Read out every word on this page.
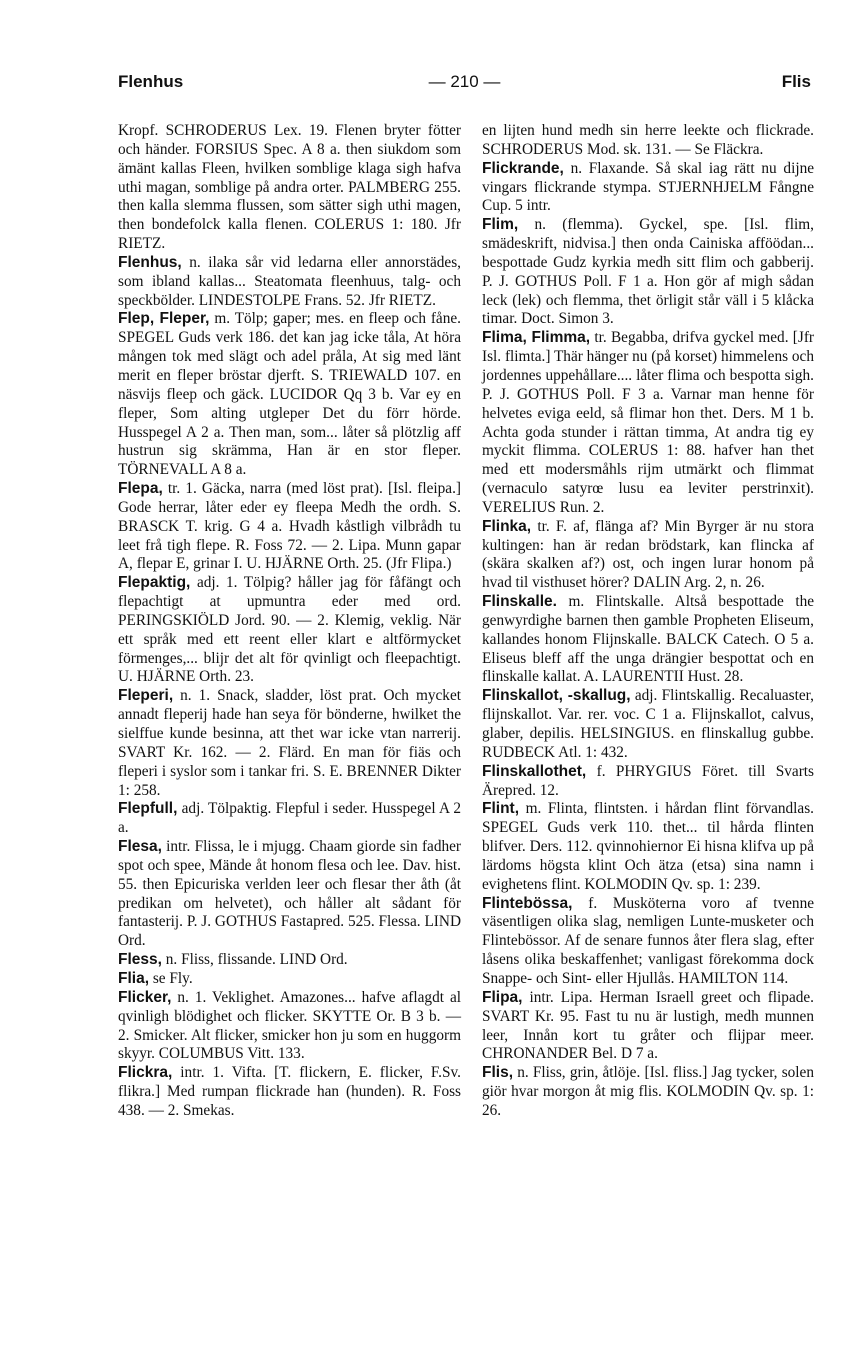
Flenhus	— 210 —	Flis

Kropf. SCHRODERUS Lex. 19. Flenen bryter fötter och händer. FORSIUS Spec. A 8 a. then siukdom som ämänt kallas Fleen, hvilken somblige klaga sigh hafva uthi magan, somblige på andra orter. PALMBERG 255. then kalla slemma flussen, som sätter sigh uthi magen, then bondefolck kalla flenen. COLERUS 1: 180. Jfr RIETZ.

Flenhus, n. ilaka sår vid ledarna eller annorstädes, som ibland kallas... Steatomata fleenhuus, talg- och speckbölder. LINDESTOLPE Frans. 52. Jfr RIETZ.

Flep, Fleper, m. Tölp; gaper; mes. en fleep och fåne. SPEGEL Guds verk 186. det kan jag icke tåla, At höra mången tok med slägt och adel pråla, At sig med länt merit en fleper bröstar djerft. S. TRIEWALD 107. en näsvijs fleep och gäck. LUCIDOR Qq 3 b. Var ey en fleper, Som alting utgleper Det du förr hörde. Husspegel A 2 a. Then man, som... låter så plötzlig aff hustrun sig skrämma, Han är en stor fleper. TÖRNEVALL A 8 a.

Flepa, tr. 1. Gäcka, narra (med löst prat). [Isl. fleipa.] Gode herrar, låter eder ey fleepa Medh the ordh. S. BRASCK T. krig. G 4 a. Hvadh kåstligh vilbrådh tu leet frå tigh flepe. R. Foss 72. — 2. Lipa. Munn gapar A, flepar E, grinar I. U. HJÄRNE Orth. 25. (Jfr Flipa.)

Flepaktig, adj. 1. Tölpig? håller jag för fåfängt och flepachtigt at upmuntra eder med ord. PERINGSKIÖLD Jord. 90. — 2. Klemig, veklig. När ett språk med ett reent eller klart e altförmycket förmenges,... blijr det alt för qvinligt och fleepachtigt. U. HJÄRNE Orth. 23.

Fleperi, n. 1. Snack, sladder, löst prat. Och mycket annadt fleperij hade han seya för bönderne, hwilket the sielffue kunde besinna, att thet war icke vtan narrerij. SVART Kr. 162. — 2. Flärd. En man för fiäs och fleperi i syslor som i tankar fri. S. E. BRENNER Dikter 1: 258.

Flepfull, adj. Tölpaktig. Flepful i seder. Husspegel A 2 a.

Flesa, intr. Flissa, le i mjugg. Chaam giorde sin fadher spot och spee, Mände åt honom flesa och lee. Dav. hist. 55. then Epicuriska verlden leer och flesar ther åth (åt predikan om helvetet), och håller alt sådant för fantasterij. P. J. GOTHUS Fastapred. 525. Flessa. LIND Ord.

Fless, n. Fliss, flissande. LIND Ord.

Flia, se Fly.

Flicker, n. 1. Veklighet. Amazones... hafve aflagdt al qvinligh blödighet och flicker. SKYTTE Or. B 3 b. — 2. Smicker. Alt flicker, smicker hon ju som en huggorm skyyr. COLUMBUS Vitt. 133.

Flickra, intr. 1. Vifta. [T. flickern, E. flicker, F.Sv. flikra.] Med rumpan flickrade han (hunden). R. Foss 438. — 2. Smekas.

en lijten hund medh sin herre leekte och flickrade. SCHRODERUS Mod. sk. 131. — Se Fläckra.

Flickrande, n. Flaxande. Så skal iag rätt nu dijne vingars flickrande stympa. STJERNHJELM Fångne Cup. 5 intr.

Flim, n. (flemma). Gyckel, spe. [Isl. flim, smädeskrift, nidvisa.] then onda Cainiska afföödan... bespottade Gudz kyrkia medh sitt flim och gabberij. P. J. GOTHUS Poll. F 1 a. Hon gör af migh sådan leck (lek) och flemma, thet örligit står väll i 5 klåcka timar. Doct. Simon 3.

Flima, Flimma, tr. Begabba, drifva gyckel med. [Jfr Isl. flimta.] Thär hänger nu (på korset) himmelens och jordennes uppehållare.... låter flima och bespotta sigh. P. J. GOTHUS Poll. F 3 a. Varnar man henne för helvetes eviga eeld, så flimar hon thet. Ders. M 1 b. Achta goda stunder i rättan timma, At andra tig ey myckit flimma. COLERUS 1: 88. hafver han thet med ett modersmåhls rijm utmärkt och flimmat (vernaculo satyrœ lusu ea leviter perstrinxit). VERELIUS Run. 2.

Flinka, tr. F. af, flänga af? Min Byrger är nu stora kultingen: han är redan brödstark, kan flincka af (skära skalken af?) ost, och ingen lurar honom på hvad til visthuset hörer? DALIN Arg. 2, n. 26.

Flinskalle. m. Flintskalle. Altså bespottade the genwyrdighe barnen then gamble Propheten Eliseum, kallandes honom Flijnskalle. BALCK Catech. O 5 a. Eliseus bleff aff the unga drängier bespottat och en flinskalle kallat. A. LAURENTII Hust. 28.

Flinskallot, -skallug, adj. Flintskallig. Recaluaster, flijnskallot. Var. rer. voc. C 1 a. Flijnskallot, calvus, glaber, depilis. HELSINGIUS. en flinskallug gubbe. RUDBECK Atl. 1: 432.

Flinskallothet, f. PHRYGIUS Föret. till Svarts Ärepred. 12.

Flint, m. Flinta, flintsten. i hårdan flint förvandlas. SPEGEL Guds verk 110. thet... til hårda flinten blifver. Ders. 112. qvinnohiernor Ei hisna klifva up på lärdoms högsta klint Och ätza (etsa) sina namn i evighetens flint. KOLMODIN Qv. sp. 1: 239.

Flintebössa, f. Musköterna voro af tvenne väsentligen olika slag, nemligen Lunte-musketer och Flintebössor. Af de senare funnos åter flera slag, efter låsens olika beskaffenhet; vanligast förekomma dock Snappe- och Sint- eller Hjullås. HAMILTON 114.

Flipa, intr. Lipa. Herman Israell greet och flipade. SVART Kr. 95. Fast tu nu är lustigh, medh munnen leer, Innån kort tu gråter och flijpar meer. CHRONANDER Bel. D 7 a.

Flis, n. Fliss, grin, åtlöje. [Isl. fliss.] Jag tycker, solen giör hvar morgon åt mig flis. KOLMODIN Qv. sp. 1: 26.
